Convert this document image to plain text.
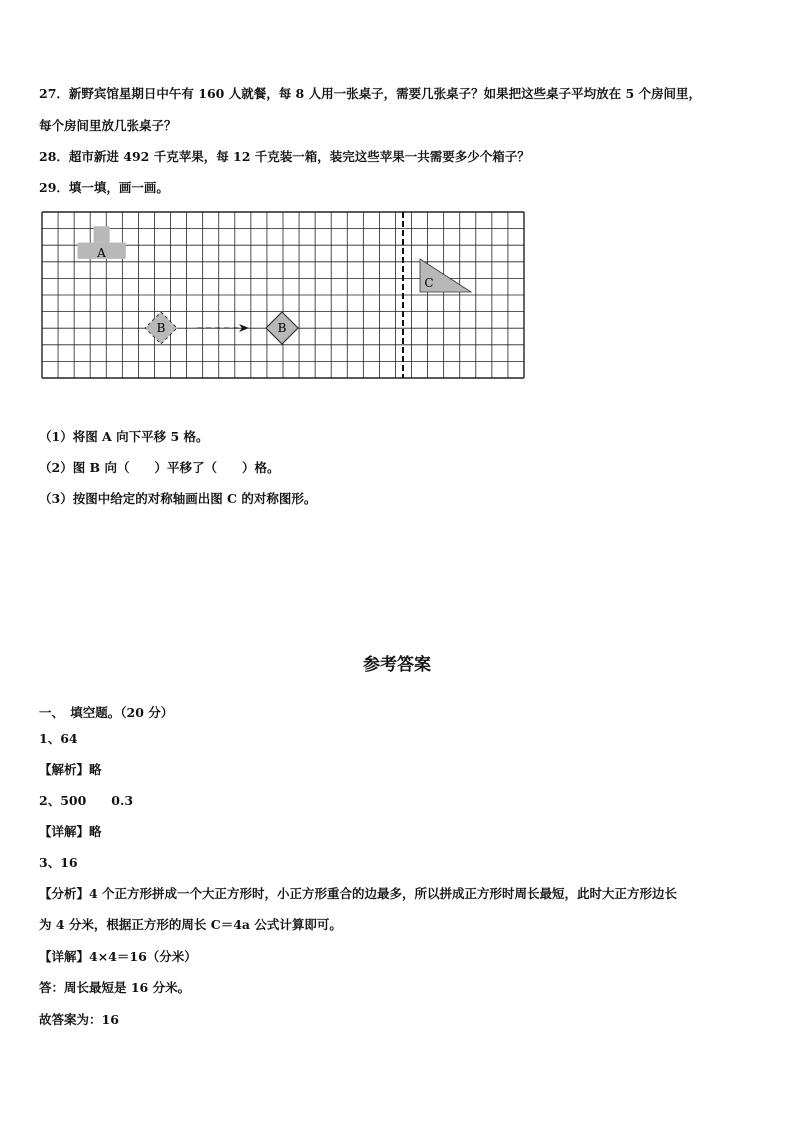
27．新野宾馆星期日中午有 160 人就餐，每 8 人用一张桌子，需要几张桌子？如果把这些桌子平均放在 5 个房间里，
每个房间里放几张桌子？
28．超市新进 492 千克苹果，每 12 千克装一箱，装完这些苹果一共需要多少个箱子？
29．填一填，画一画。
A
C
B	B
（1）将图 A 向下平移 5 格。
（2）图 B 向（　　）平移了（　　）格。
（3）按图中给定的对称轴画出图 C 的对称图形。
参考答案
一、　填空题。（20 分）
1、64
【解析】略
2、500　　0.3
【详解】略
3、16
【分析】4 个正方形拼成一个大正方形时，小正方形重合的边最多，所以拼成正方形时周长最短，此时大正方形边长
为 4 分米，根据正方形的周长 C＝4a 公式计算即可。
【详解】4×4＝16（分米）
答：周长最短是 16 分米。
故答案为：16
